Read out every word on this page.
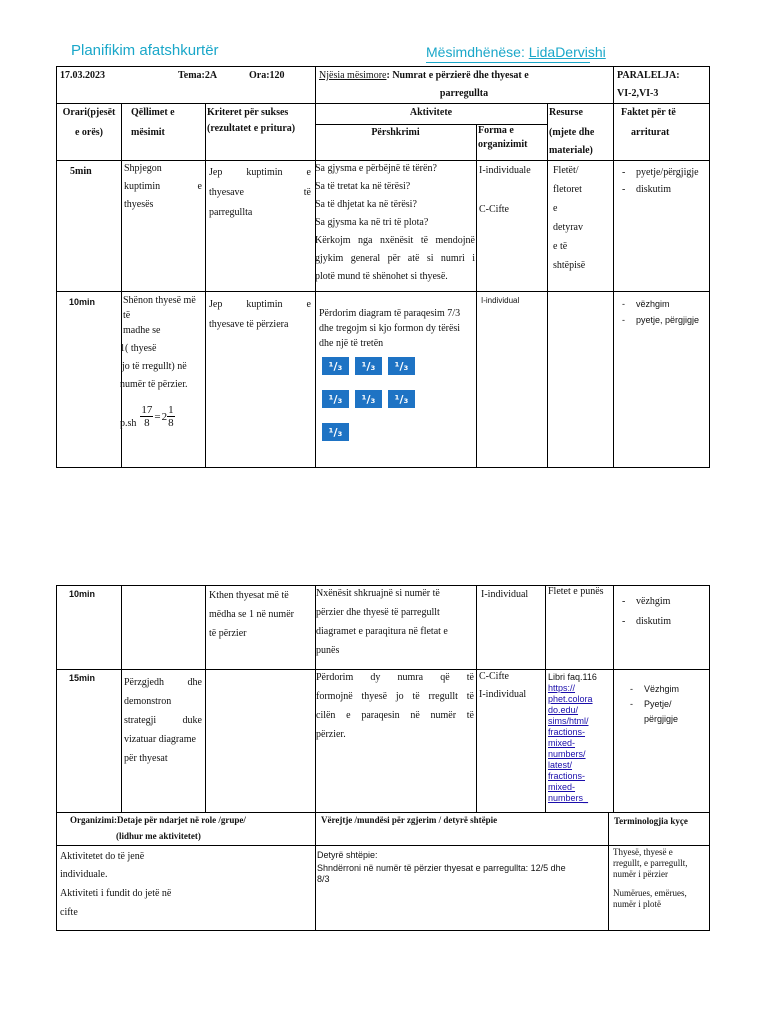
Planifikim afatshkurtër	Mësimdhënëse: LidaDervishi
17.03.2023	Tema:2A	Ora:120	Njësia mësimore: Numrat e përzierë dhe thyesat e
parregullta
PARALELJA:
VI-2,VI-3
Orari(pjesët
e orës)
Qëllimet e
mësimit
Kriteret për sukses
(rezultatet e pritura)
Aktivitete
Përshkrimi	Forma e
organizimit
Resurse
(mjete dhe
materiale)
Faktet për të
arriturat
5min	Shpjegon
kuptimin e
thyesës
Jep kuptimin e
thyesave të
parregullta
Sa gjysma e përbëjnë të tërën?
Sa të tretat ka në tërësi?
Sa të dhjetat ka në tërësi?
Sa gjysma ka në tri të plota?
Kërkojm nga nxënësit të mendojnë
gjykim general për atë si numri i
plotë mund të shënohet si thyesë.
I-individuale
C-Cifte
Fletët/
fletoret
e
detyrav
e të
shtëpisë
- pyetje/përgjigje
- diskutim
10min	Shënon thyesë më
të
madhe se
1( thyesë
jo të rregullt) në
numër të përzier.
$p.sh \frac{17}{8} = 2 \frac{1}{8}$
Jep kuptimin e
thyesave të përziera
Përdorim diagram të paraqesim 7/3
dhe tregojm si kjo formon dy tërësi
dhe një të tretën
¹/₃	¹/₃	¹/₃
¹/₃	¹/₃	¹/₃
¹/₃
I-individual
-	vëzhgim
- pyetje, përgjigje
10min	Kthen thyesat më të
mëdha se 1 në numër
të përzier
Nxënësit shkruajnë si numër të
përzier dhe thyesë të parregullt
diagramet e paraqitura në fletat e
punës
I-individual Fletet e punës
- vëzhgim
- diskutim
15min	Përzgjedh dhe
demonstron
strategji duke
vizatuar diagrame
për thyesat
Përdorim dy numra që të
formojnë thyesë jo të rregullt të
cilën e paraqesin në numër të
përzier.
C-Cifte
I-individual
Libri faq.116
https://
phet.colora
do.edu/
sims/html/
fractions-
mixed-
numbers/
latest/
fractions-
mixed-
numbers_
- Vëzhgim
- Pyetje/
përgjigje
Organizimi:Detaje për ndarjet në role /grupe/
(lidhur me aktivitetet)
Vërejtje /mundësi për zgjerim / detyrë shtëpie	Terminologjia kyçe
Aktivitetet do të jenë
individuale.
Aktiviteti i fundit do jetë në
cifte
Detyrë shtëpie:
Shndërroni në numër të përzier thyesat e parregullta: 12/5 dhe
8/3
Thyesë, thyesë e
rregullt, e parregullt,
numër i përzier
Numërues, emërues,
numër i plotë
